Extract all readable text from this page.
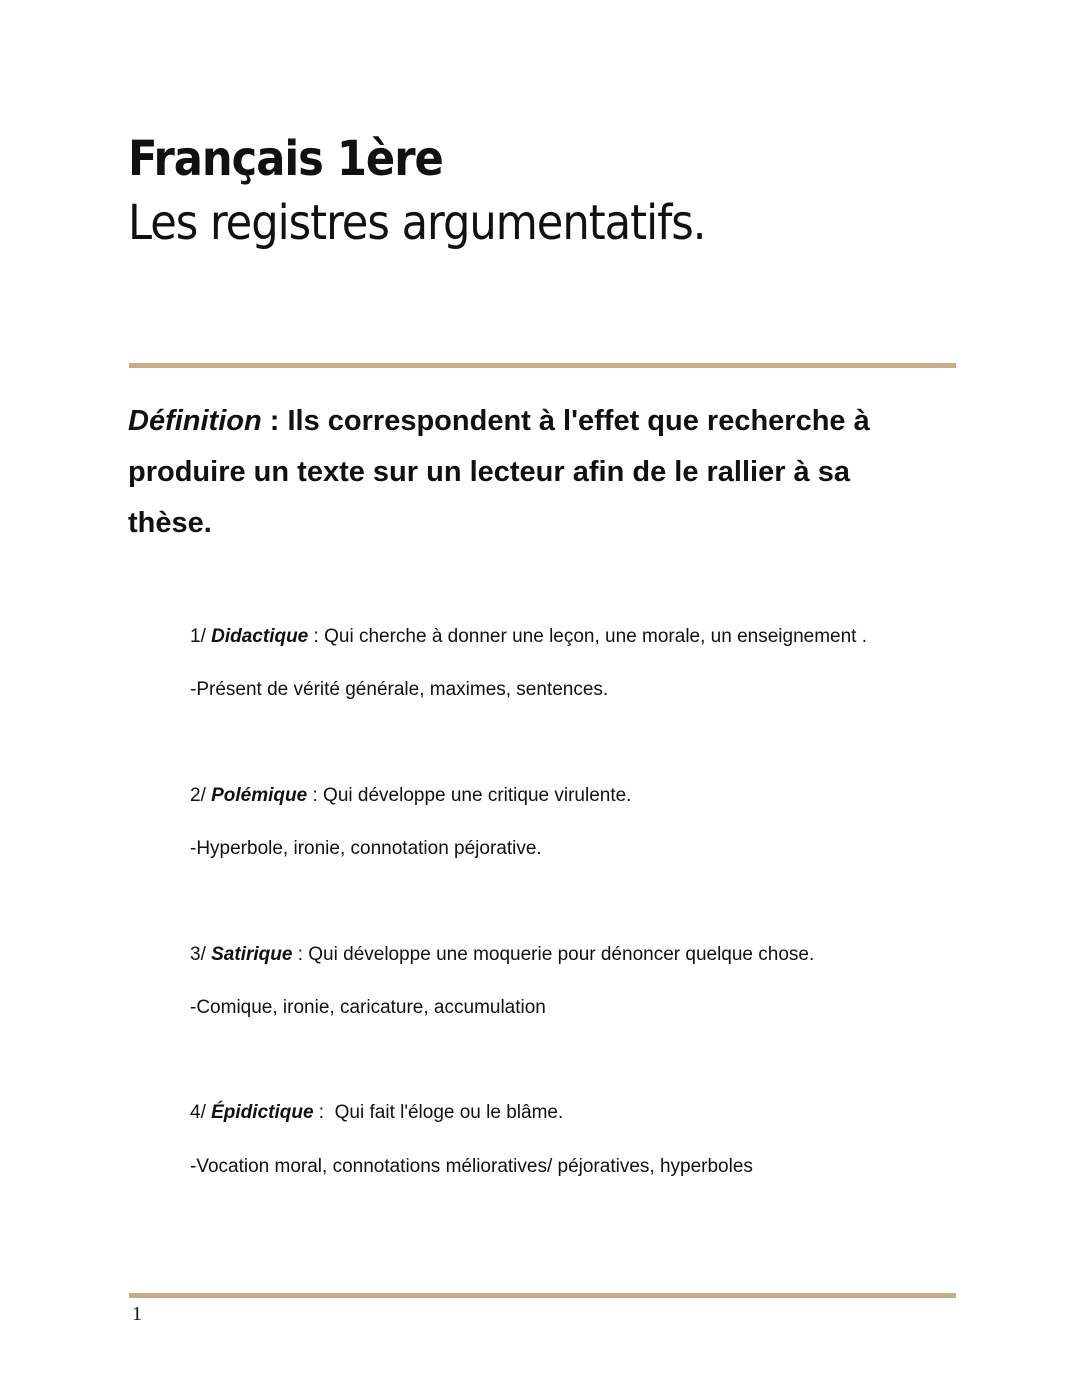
Français 1ère
Les registres argumentatifs.

Définition : Ils correspondent à l'effet que recherche à produire un texte sur un lecteur afin de le rallier à sa thèse.

1/ Didactique : Qui cherche à donner une leçon, une morale, un enseignement .

-Présent de vérité générale, maximes, sentences.

2/ Polémique : Qui développe une critique virulente.

-Hyperbole, ironie, connotation péjorative.

3/ Satirique : Qui développe une moquerie pour dénoncer quelque chose.

-Comique, ironie, caricature, accumulation

4/ Épidictique :  Qui fait l'éloge ou le blâme.

-Vocation moral, connotations mélioratives/ péjoratives, hyperboles

1
